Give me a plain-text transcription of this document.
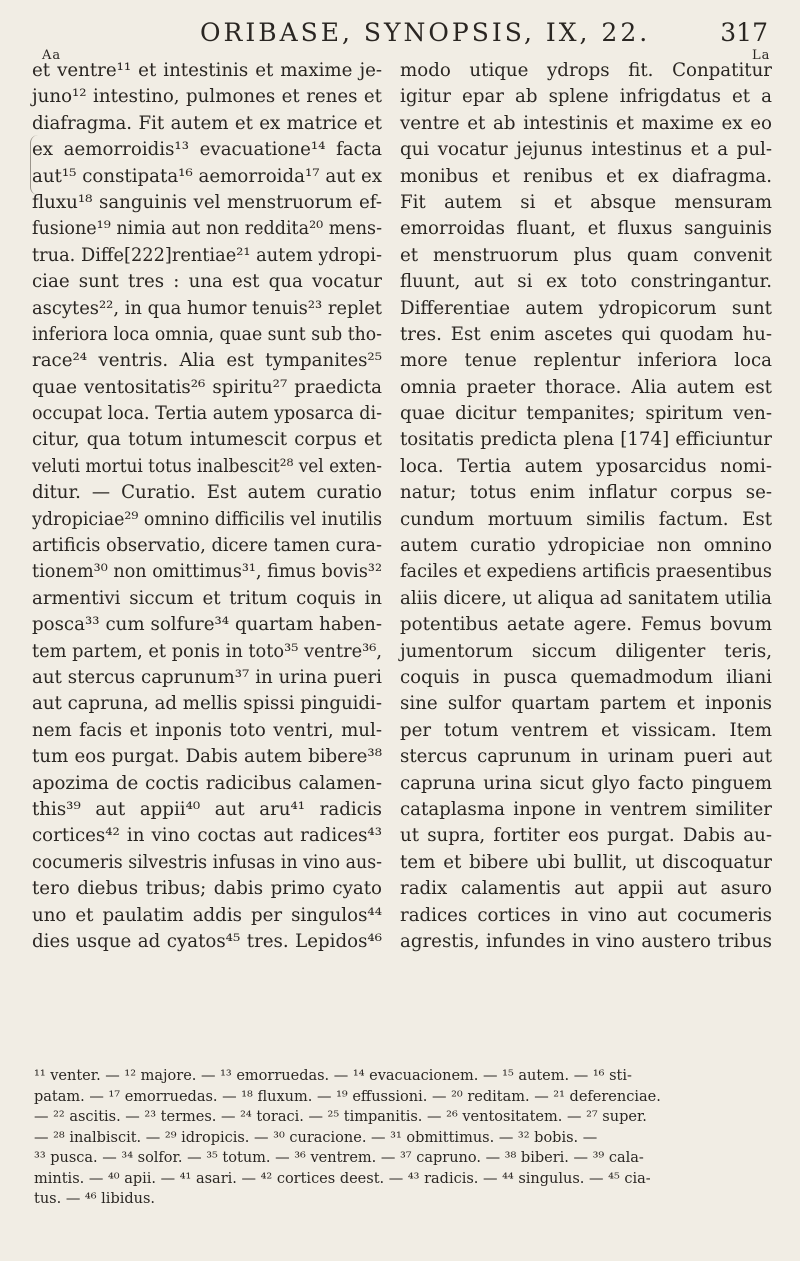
ORIBASE, SYNOPSIS, IX, 22.	317
Aa	La
et ventre¹¹ et intestinis et maxime je-
juno¹² intestino, pulmones et renes et
diafragma. Fit autem et ex matrice et
ex aemorroidis¹³ evacuatione¹⁴ facta
aut¹⁵ constipata¹⁶ aemorroida¹⁷ aut ex
fluxu¹⁸ sanguinis vel menstruorum ef-
fusione¹⁹ nimia aut non reddita²⁰ mens-
trua. Diffe[222]rentiae²¹ autem ydropi-
ciae sunt tres : una est qua vocatur
ascytes²², in qua humor tenuis²³ replet
inferiora loca omnia, quae sunt sub tho-
race²⁴ ventris. Alia est tympanites²⁵
quae ventositatis²⁶ spiritu²⁷ praedicta
occupat loca. Tertia autem yposarca di-
citur, qua totum intumescit corpus et
veluti mortui totus inalbescit²⁸ vel exten-
ditur. — Curatio. Est autem curatio
ydropiciae²⁹ omnino difficilis vel inutilis
artificis observatio, dicere tamen cura-
tionem³⁰ non omittimus³¹, fimus bovis³²
armentivi siccum et tritum coquis in
posca³³ cum solfure³⁴ quartam haben-
tem partem, et ponis in toto³⁵ ventre³⁶,
aut stercus caprunum³⁷ in urina pueri
aut capruna, ad mellis spissi pinguidi-
nem facis et inponis toto ventri, mul-
tum eos purgat. Dabis autem bibere³⁸
apozima de coctis radicibus calamen-
this³⁹ aut appii⁴⁰ aut aru⁴¹ radicis
cortices⁴² in vino coctas aut radices⁴³
cocumeris silvestris infusas in vino aus-
tero diebus tribus; dabis primo cyato
uno et paulatim addis per singulos⁴⁴
dies usque ad cyatos⁴⁵ tres. Lepidos⁴⁶
modo utique ydrops fit. Conpatitur
igitur epar ab splene infrigdatus et a
ventre et ab intestinis et maxime ex eo
qui vocatur jejunus intestinus et a pul-
monibus et renibus et ex diafragma.
Fit autem si et absque mensuram
emorroidas fluant, et fluxus sanguinis
et menstruorum plus quam convenit
fluunt, aut si ex toto constringantur.
Differentiae autem ydropicorum sunt
tres. Est enim ascetes qui quodam hu-
more tenue replentur inferiora loca
omnia praeter thorace. Alia autem est
quae dicitur tempanites; spiritum ven-
tositatis predicta plena [174] efficiuntur
loca. Tertia autem yposarcidus nomi-
natur; totus enim inflatur corpus se-
cundum mortuum similis factum. Est
autem curatio ydropiciae non omnino
faciles et expediens artificis praesentibus
aliis dicere, ut aliqua ad sanitatem utilia
potentibus aetate agere. Femus bovum
jumentorum siccum diligenter teris,
coquis in pusca quemadmodum iliani
sine sulfor quartam partem et inponis
per totum ventrem et vissicam. Item
stercus caprunum in urinam pueri aut
capruna urina sicut glyo facto pinguem
cataplasma inpone in ventrem similiter
ut supra, fortiter eos purgat. Dabis au-
tem et bibere ubi bullit, ut discoquatur
radix calamentis aut appii aut asuro
radices cortices in vino aut cocumeris
agrestis, infundes in vino austero tribus
¹¹ venter. — ¹² majore. — ¹³ emorruedas. — ¹⁴ evacuacionem. — ¹⁵ autem. — ¹⁶ sti-
patam. — ¹⁷ emorruedas. — ¹⁸ fluxum. — ¹⁹ effussioni. — ²⁰ reditam. — ²¹ deferenciae.
— ²² ascitis. — ²³ termes. — ²⁴ toraci. — ²⁵ timpanitis. — ²⁶ ventositatem. — ²⁷ super.
— ²⁸ inalbiscit. — ²⁹ idropicis. — ³⁰ curacione. — ³¹ obmittimus. — ³² bobis. —
³³ pusca. — ³⁴ solfor. — ³⁵ totum. — ³⁶ ventrem. — ³⁷ capruno. — ³⁸ biberi. — ³⁹ cala-
mintis. — ⁴⁰ apii. — ⁴¹ asari. — ⁴² cortices deest. — ⁴³ radicis. — ⁴⁴ singulus. — ⁴⁵ cia-
tus. — ⁴⁶ libidus.
